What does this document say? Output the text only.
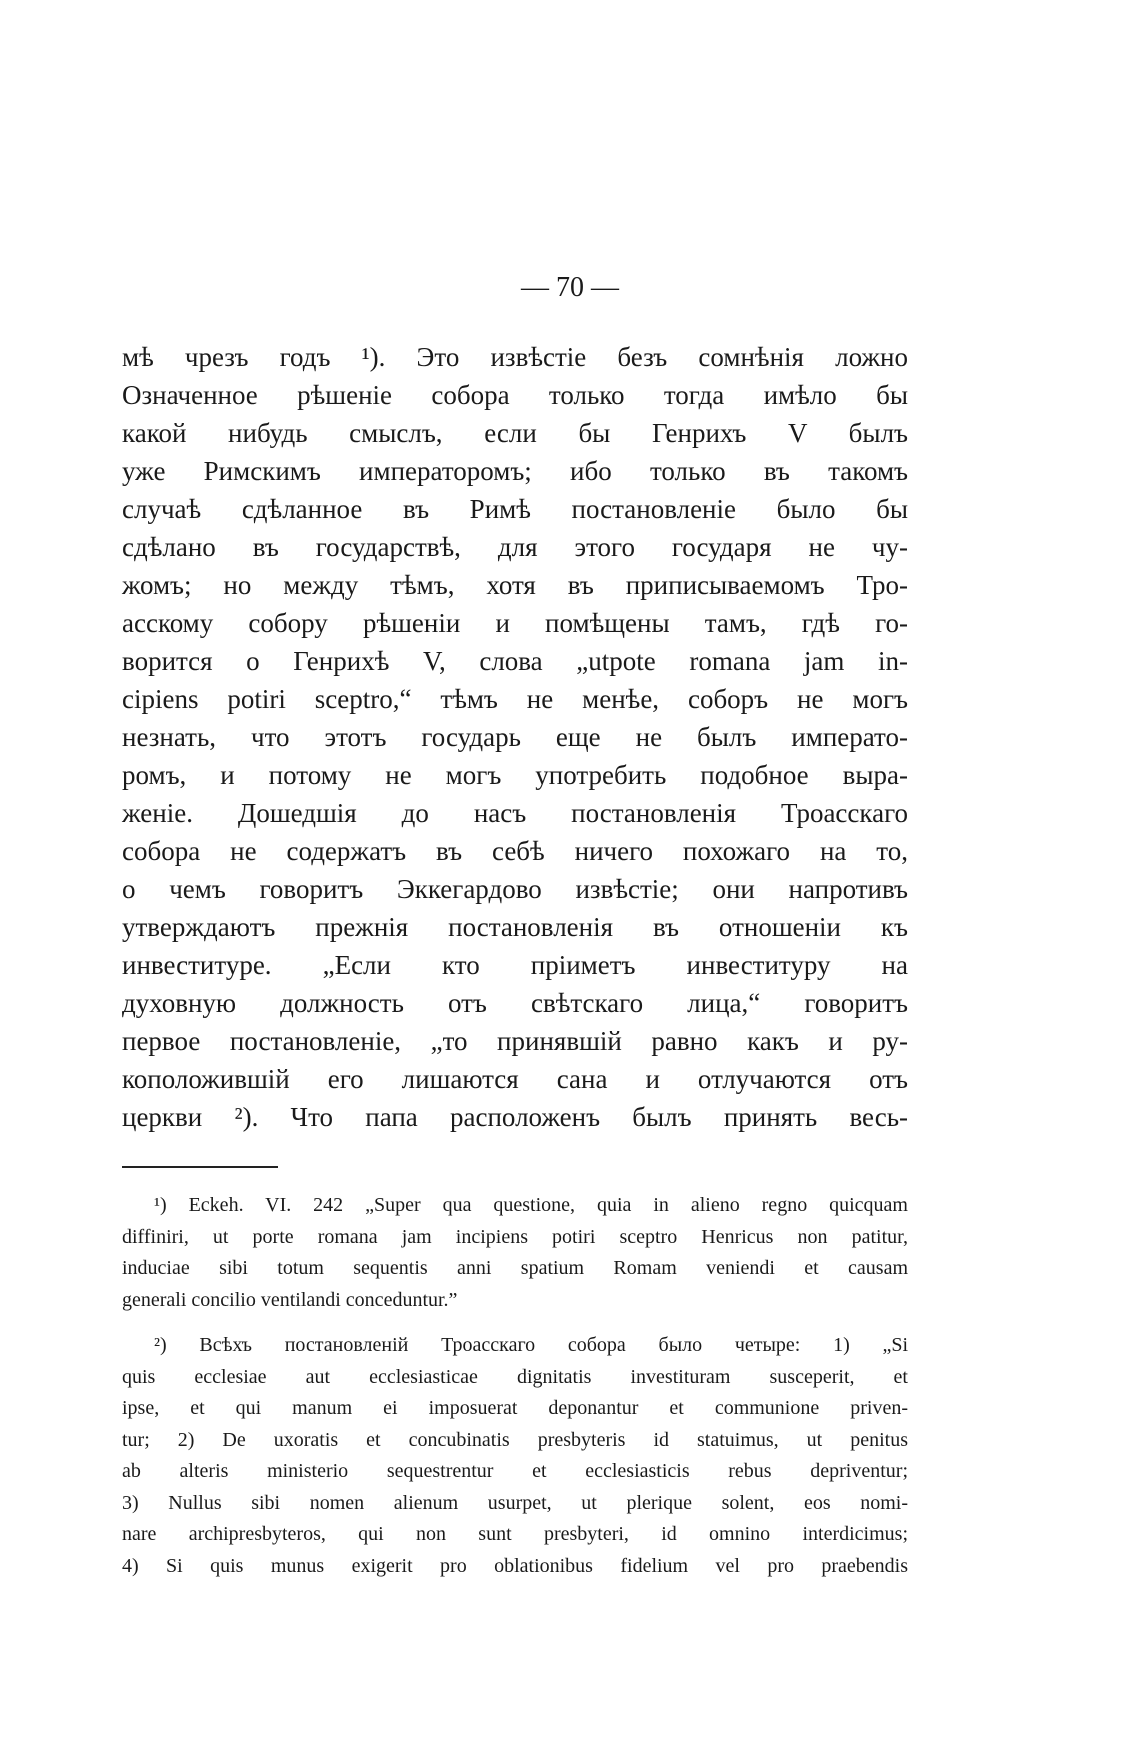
— 70 —
мѣ чрезъ годъ ¹). Это извѣстіе безъ сомнѣнія ложно
Означенное рѣшеніе собора только тогда имѣло бы
какой нибудь смыслъ, если бы Генрихъ V былъ
уже Римскимъ императоромъ; ибо только въ такомъ
случаѣ сдѣланное въ Римѣ постановленіе было бы
сдѣлано въ государствѣ, для этого государя не чу-
жомъ; но между тѣмъ, хотя въ приписываемомъ Тро-
асскому собору рѣшеніи и помѣщены тамъ, гдѣ го-
ворится о Генрихѣ V, слова „utpote romana jam in-
cipiens potiri sceptro,“ тѣмъ не менѣе, соборъ не могъ
незнать, что этотъ государь еще не былъ императо-
ромъ, и потому не могъ употребить подобное выра-
женіе. Дошедшія до насъ постановленія Троасскаго
собора не содержатъ въ себѣ ничего похожаго на то,
о чемъ говоритъ Эккегардово извѣстіе; они напротивъ
утверждаютъ прежнія постановленія въ отношеніи къ
инвеституре. „Если кто пріиметъ инвеституру на
духовную должность отъ свѣтскаго лица,“ говоритъ
первое постановленіе, „то принявшій равно какъ и ру-
коположившій его лишаются сана и отлучаются отъ
церкви ²). Что папа расположенъ былъ принять весь-
¹) Eckeh. VI. 242 „Super qua questione, quia in alieno regno quicquam
diffiniri, ut porte romana jam incipiens potiri sceptro Henricus non patitur,
induciae sibi totum sequentis anni spatium Romam veniendi et causam
generali concilio ventilandi conceduntur.”
²) Всѣхъ постановленій Троасскаго собора было четыре: 1) „Si
quis ecclesiae aut ecclesiasticae dignitatis investituram susceperit, et
ipse, et qui manum ei imposuerat deponantur et communione priven-
tur; 2) De uxoratis et concubinatis presbyteris id statuimus, ut penitus
ab alteris ministerio sequestrentur et ecclesiasticis rebus depriventur;
3) Nullus sibi nomen alienum usurpet, ut plerique solent, eos nomi-
nare archipresbyteros, qui non sunt presbyteri, id omnino interdicimus;
4) Si quis munus exigerit pro oblationibus fidelium vel pro praebendis
